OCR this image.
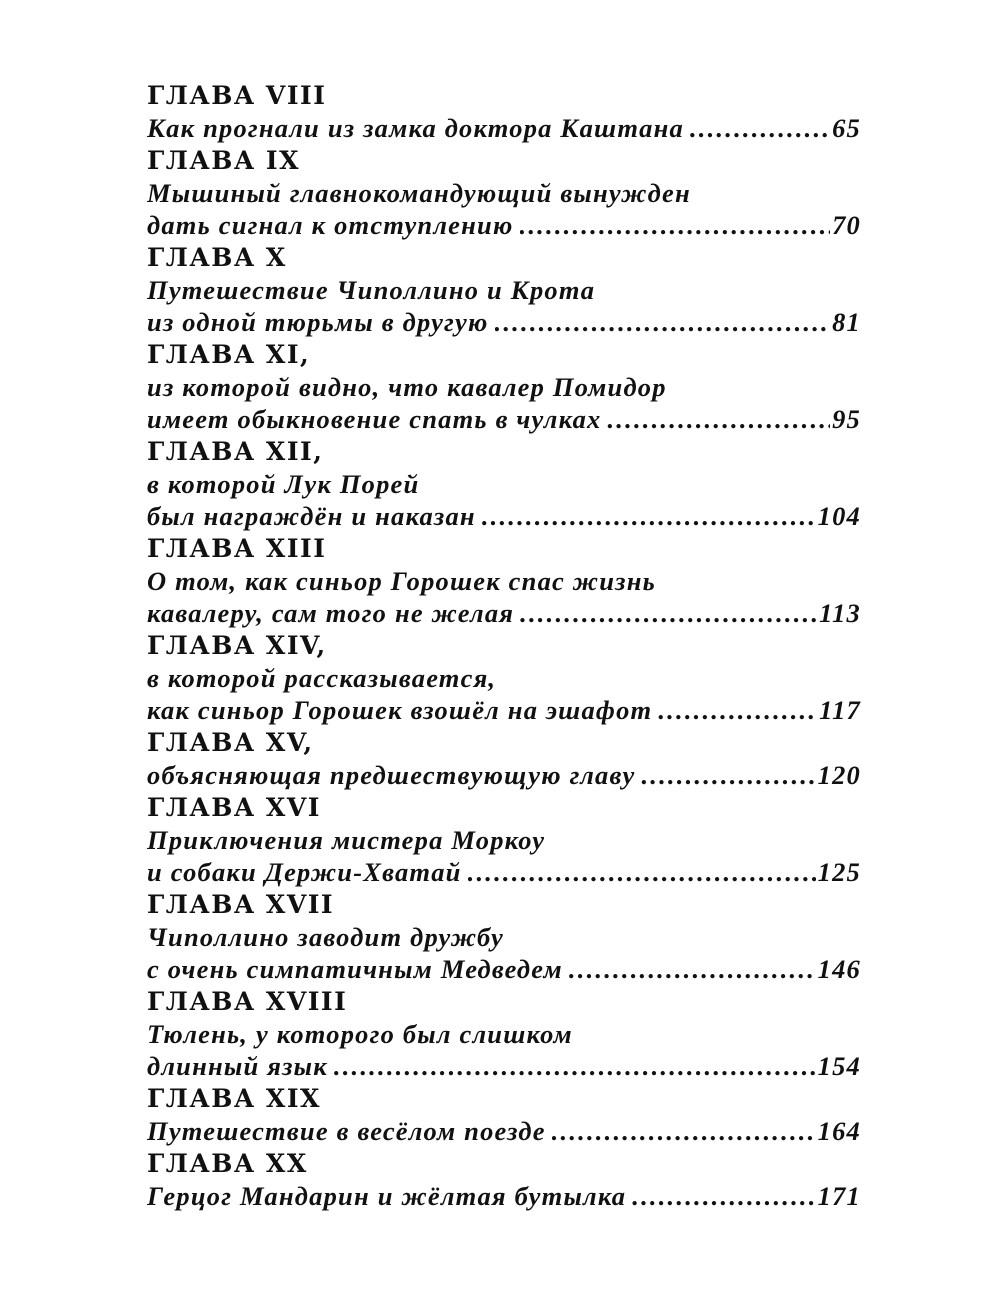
ГЛАВА VIII
Как прогнали из замка доктора Каштана .....	65
ГЛАВА IX
Мышиный главнокомандующий вынужден
дать сигнал к отступлению .....	70
ГЛАВА X
Путешествие Чиполлино и Крота
из одной тюрьмы в другую .....	81
ГЛАВА XI,
из которой видно, что кавалер Помидор
имеет обыкновение спать в чулках .....	95
ГЛАВА XII,
в которой Лук Порей
был награждён и наказан .....	104
ГЛАВА XIII
О том, как синьор Горошек спас жизнь
кавалеру, сам того не желая .....	113
ГЛАВА XIV,
в которой рассказывается,
как синьор Горошек взошёл на эшафот .....	117
ГЛАВА XV,
объясняющая предшествующую главу .....	120
ГЛАВА XVI
Приключения мистера Моркоу
и собаки Держи-Хватай .....	125
ГЛАВА XVII
Чиполлино заводит дружбу
с очень симпатичным Медведем .....	146
ГЛАВА XVIII
Тюлень, у которого был слишком
длинный язык .....	154
ГЛАВА XIX
Путешествие в весёлом поезде .....	164
ГЛАВА XX
Герцог Мандарин и жёлтая бутылка .....	171
